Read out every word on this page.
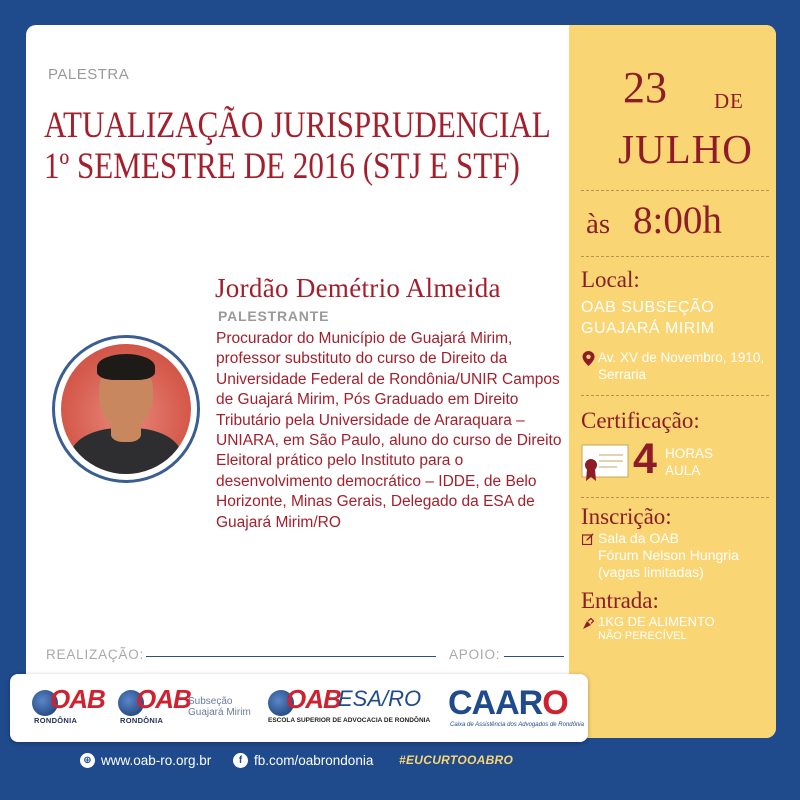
PALESTRA
ATUALIZAÇÃO JURISPRUDENCIAL
1º SEMESTRE DE 2016 (STJ E STF)
Jordão Demétrio Almeida
PALESTRANTE
Procurador do Município de Guajará Mirim, professor substituto do curso de Direito da Universidade Federal de Rondônia/UNIR Campos de Guajará Mirim, Pós Graduado em Direito Tributário pela Universidade de Araraquara – UNIARA, em São Paulo, aluno do curso de Direito Eleitoral prático pelo Instituto para o desenvolvimento democrático – IDDE, de Belo Horizonte, Minas Gerais, Delegado da ESA de Guajará Mirim/RO
REALIZAÇÃO:	APOIO:
23 DE
JULHO
às 8:00h
Local:
OAB SUBSEÇÃO
GUAJARÁ MIRIM
Av. XV de Novembro, 1910,
Serraria
Certificação:
4 HORAS
AULA
Inscrição:
Sala da OAB
Fórum Nelson Hungria
(vagas limitadas)
Entrada:
1KG DE ALIMENTO
NÃO PERECÍVEL
OAB
RONDÔNIA
OAB
RONDÔNIA
Subseção
Guajará Mirim OAB
ESA/RO
ESCOLA SUPERIOR DE ADVOCACIA DE RONDÔNIA CAARO
Caixa de Assistência dos Advogados de Rondônia
⊕ www.oab-ro.org.br	f fb.com/oabrondonia #EUCURTOOABRO
